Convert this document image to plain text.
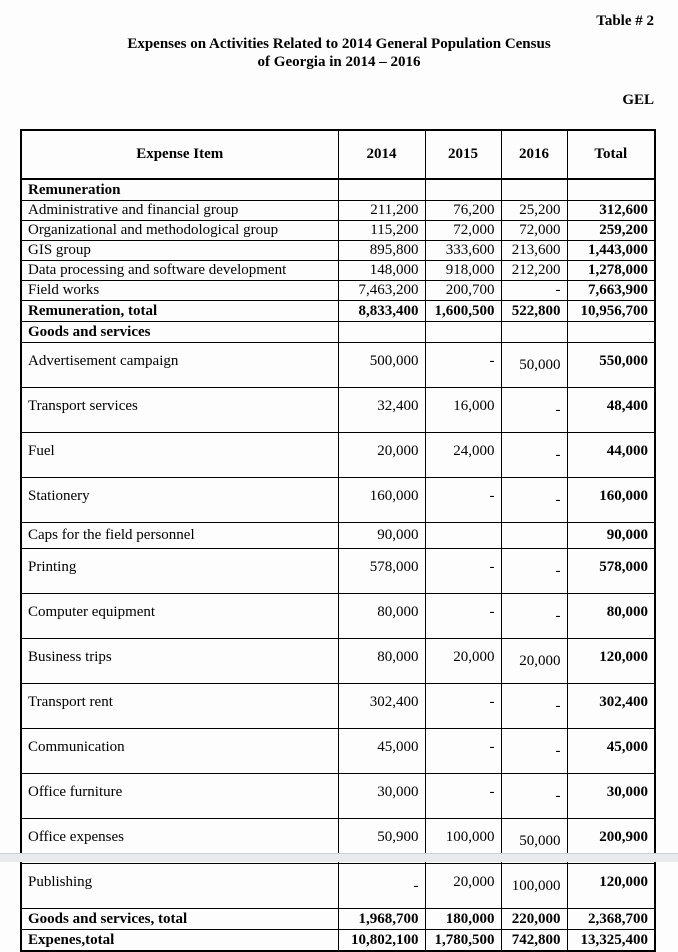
Table # 2
Expenses on Activities Related to 2014 General Population Census
of Georgia in 2014 – 2016
GEL
Expense Item	2014	2015	2016	Total
Remuneration				
Administrative and financial group	211,200	76,200	25,200	312,600
Organizational and methodological group	115,200	72,000	72,000	259,200
GIS group	895,800	333,600	213,600	1,443,000
Data processing and software development	148,000	918,000	212,200	1,278,000
Field works	7,463,200	200,700	-	7,663,900
Remuneration, total	8,833,400	1,600,500	522,800	10,956,700
Goods and services				
Advertisement campaign	500,000	-	50,000	550,000
Transport services	32,400	16,000	-	48,400
Fuel	20,000	24,000	-	44,000
Stationery	160,000	-	-	160,000
Caps for the field personnel	90,000			90,000
Printing	578,000	-	-	578,000
Computer equipment	80,000	-	-	80,000
Business trips	80,000	20,000	20,000	120,000
Transport rent	302,400	-	-	302,400
Communication	45,000	-	-	45,000
Office furniture	30,000	-	-	30,000
Office expenses	50,900	100,000	50,000	200,900
Publishing	-	20,000	100,000	120,000
Goods and services, total	1,968,700	180,000	220,000	2,368,700
Expenes,total	10,802,100	1,780,500	742,800	13,325,400
